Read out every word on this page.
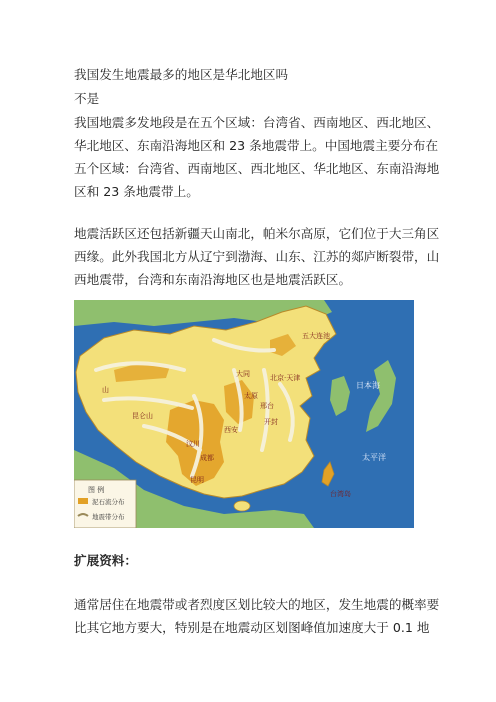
我国发生地震最多的地区是华北地区吗

不是

我国地震多发地段是在五个区域：台湾省、西南地区、西北地区、

华北地区、东南沿海地区和 23 条地震带上。中国地震主要分布在

五个区域：台湾省、西南地区、西北地区、华北地区、东南沿海地

区和 23 条地震带上。

地震活跃区还包括新疆天山南北，帕米尔高原，它们位于大三角区

西缘。此外我国北方从辽宁到渤海、山东、江苏的郯庐断裂带，山

西地震带，台湾和东南沿海地区也是地震活跃区。

五大连池
山
昆仑山
大同	北京·天津
太原
邢台
开封
西安
汶川
成都
昆明
台湾岛
日本海
太平洋
图 例
泥石流分布
地震带分布

扩展资料：

通常居住在地震带或者烈度区划比较大的地区，发生地震的概率要

比其它地方要大，特别是在地震动区划图峰值加速度大于 0.1 地
